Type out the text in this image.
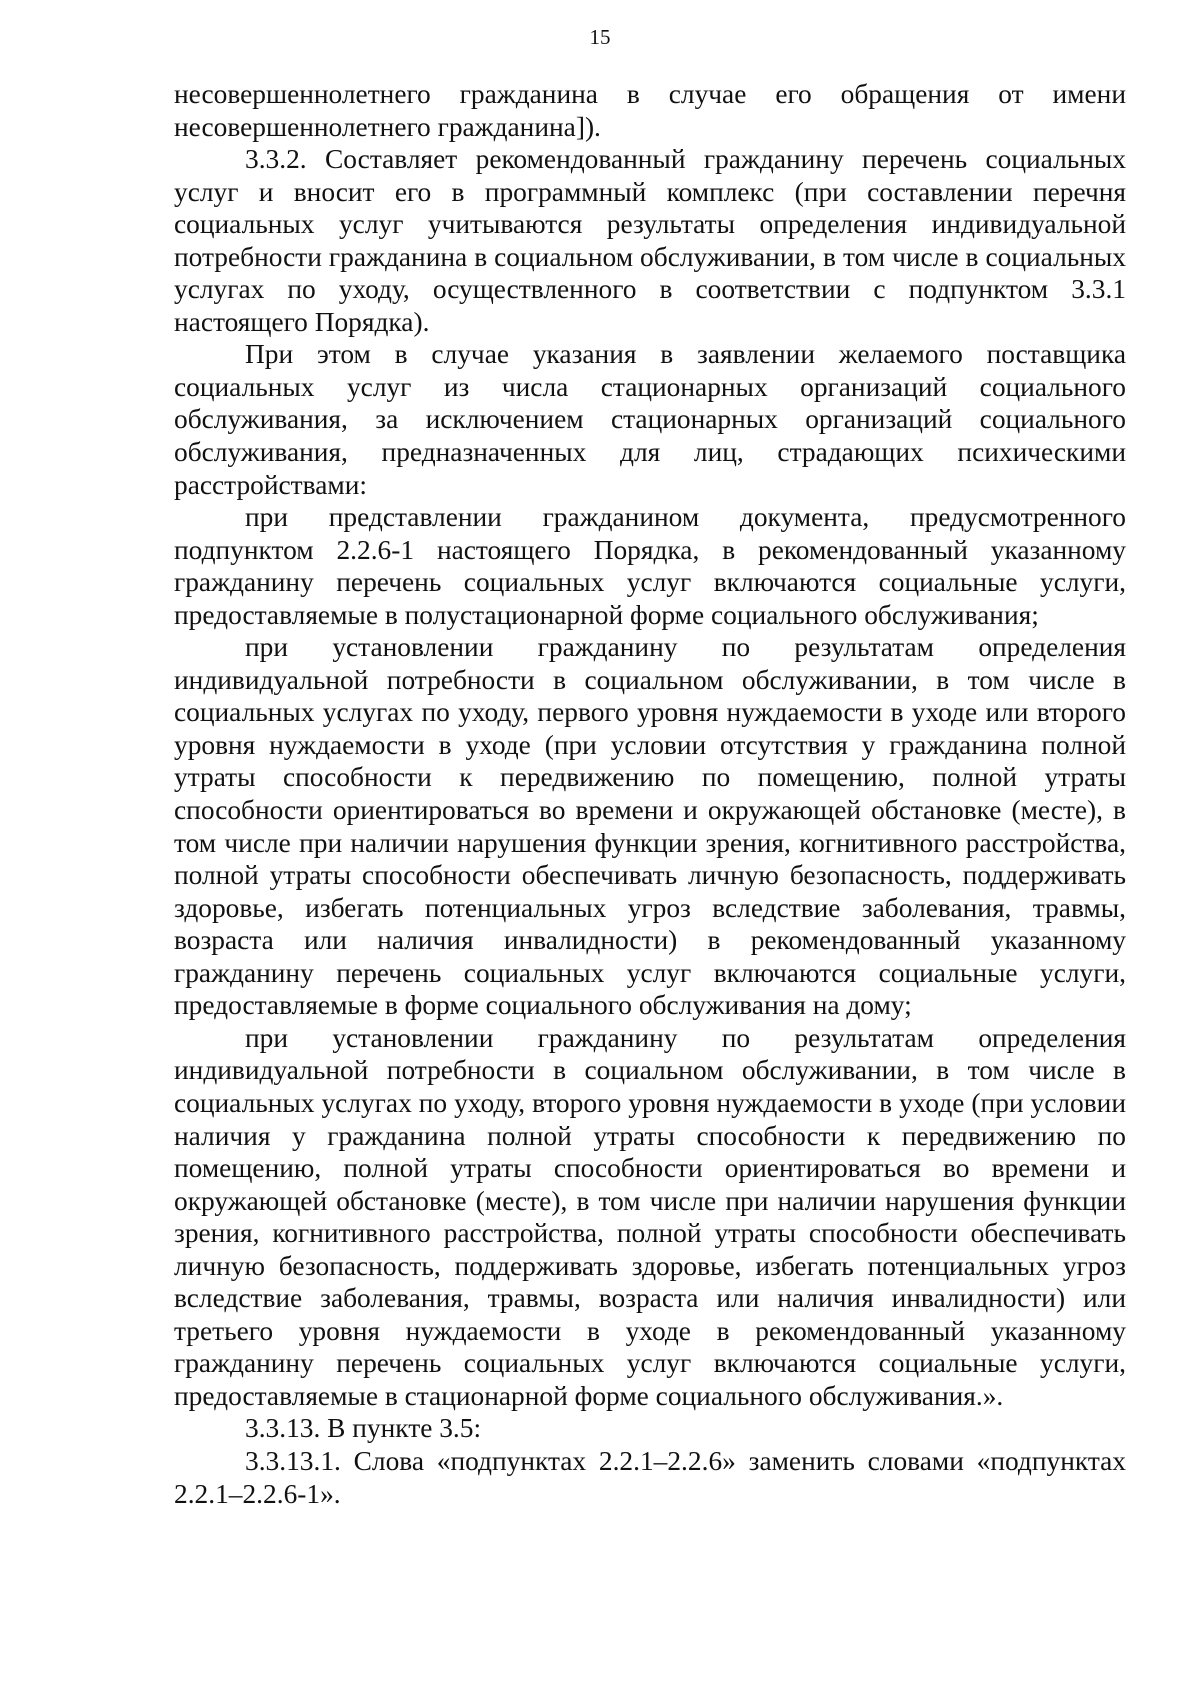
15

несовершеннолетнего гражданина в случае его обращения от имени несовершеннолетнего гражданина]).

3.3.2. Составляет рекомендованный гражданину перечень социальных услуг и вносит его в программный комплекс (при составлении перечня социальных услуг учитываются результаты определения индивидуальной потребности гражданина в социальном обслуживании, в том числе в социальных услугах по уходу, осуществленного в соответствии с подпунктом 3.3.1 настоящего Порядка).

При этом в случае указания в заявлении желаемого поставщика социальных услуг из числа стационарных организаций социального обслуживания, за исключением стационарных организаций социального обслуживания, предназначенных для лиц, страдающих психическими расстройствами:

при представлении гражданином документа, предусмотренного подпунктом 2.2.6-1 настоящего Порядка, в рекомендованный указанному гражданину перечень социальных услуг включаются социальные услуги, предоставляемые в полустационарной форме социального обслуживания;

при установлении гражданину по результатам определения индивидуальной потребности в социальном обслуживании, в том числе в социальных услугах по уходу, первого уровня нуждаемости в уходе или второго уровня нуждаемости в уходе (при условии отсутствия у гражданина полной утраты способности к передвижению по помещению, полной утраты способности ориентироваться во времени и окружающей обстановке (месте), в том числе при наличии нарушения функции зрения, когнитивного расстройства, полной утраты способности обеспечивать личную безопасность, поддерживать здоровье, избегать потенциальных угроз вследствие заболевания, травмы, возраста или наличия инвалидности) в рекомендованный указанному гражданину перечень социальных услуг включаются социальные услуги, предоставляемые в форме социального обслуживания на дому;

при установлении гражданину по результатам определения индивидуальной потребности в социальном обслуживании, в том числе в социальных услугах по уходу, второго уровня нуждаемости в уходе (при условии наличия у гражданина полной утраты способности к передвижению по помещению, полной утраты способности ориентироваться во времени и окружающей обстановке (месте), в том числе при наличии нарушения функции зрения, когнитивного расстройства, полной утраты способности обеспечивать личную безопасность, поддерживать здоровье, избегать потенциальных угроз вследствие заболевания, травмы, возраста или наличия инвалидности) или третьего уровня нуждаемости в уходе в рекомендованный указанному гражданину перечень социальных услуг включаются социальные услуги, предоставляемые в стационарной форме социального обслуживания.».

3.3.13. В пункте 3.5:

3.3.13.1. Слова «подпунктах 2.2.1–2.2.6» заменить словами «подпунктах 2.2.1–2.2.6-1».
